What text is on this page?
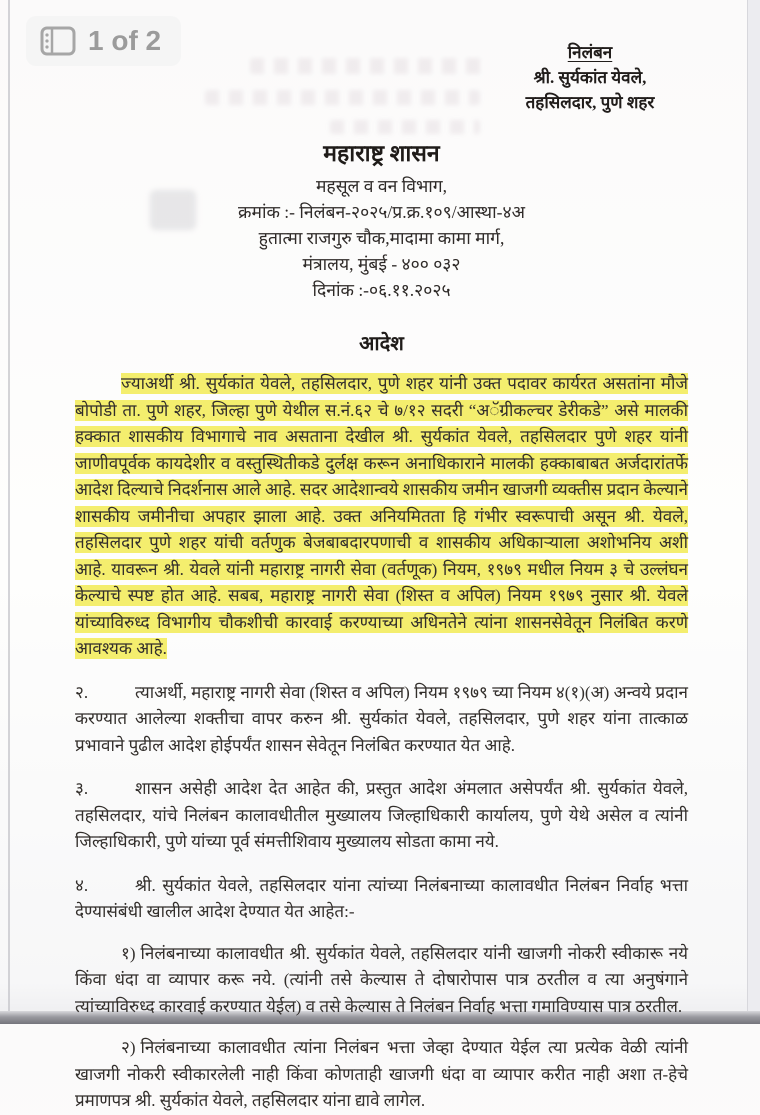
1 of 2	निलंबन
श्री. सुर्यकांत येवले,
तहसिलदार, पुणे शहर
महाराष्ट्र शासन
महसूल व वन विभाग,
क्रमांक :- निलंबन-२०२५/प्र.क्र.१०९/आस्था-४अ
हुतात्मा राजगुरु चौक,मादामा कामा मार्ग,
मंत्रालय, मुंबई - ४०० ०३२
दिनांक :-०६.११.२०२५
आदेश

ज्याअर्थी श्री. सुर्यकांत येवले, तहसिलदार, पुणे शहर यांनी उक्त पदावर कार्यरत असतांना मौजे बोपोडी ता. पुणे शहर, जिल्हा पुणे येथील स.नं.६२ चे ७/१२ सदरी “अॅग्रीकल्चर डेरीकडे” असे मालकी हक्कात शासकीय विभागाचे नाव असताना देखील श्री. सुर्यकांत येवले, तहसिलदार पुणे शहर यांनी जाणीवपूर्वक कायदेशीर व वस्तुस्थितीकडे दुर्लक्ष करून अनाधिकाराने मालकी हक्काबाबत अर्जदारांतर्फे आदेश दिल्याचे निदर्शनास आले आहे. सदर आदेशान्वये शासकीय जमीन खाजगी व्यक्तीस प्रदान केल्याने शासकीय जमीनीचा अपहार झाला आहे. उक्त अनियमितता हि गंभीर स्वरूपाची असून श्री. येवले, तहसिलदार पुणे शहर यांची वर्तणुक बेजबाबदारपणाची व शासकीय अधिकाऱ्याला अशोभनिय अशी आहे. यावरून श्री. येवले यांनी महाराष्ट्र नागरी सेवा (वर्तणूक) नियम, १९७९ मधील नियम ३ चे उल्लंघन केल्याचे स्पष्ट होत आहे. सबब, महाराष्ट्र नागरी सेवा (शिस्त व अपिल) नियम १९७९ नुसार श्री. येवले यांच्याविरुध्द विभागीय चौकशीची कारवाई करण्याच्या अधिनतेने त्यांना शासनसेवेतून निलंबित करणे आवश्यक आहे.

२.	त्याअर्थी, महाराष्ट्र नागरी सेवा (शिस्त व अपिल) नियम १९७९ च्या नियम ४(१)(अ) अन्वये प्रदान करण्यात आलेल्या शक्तीचा वापर करुन श्री. सुर्यकांत येवले, तहसिलदार, पुणे शहर यांना तात्काळ प्रभावाने पुढील आदेश होईपर्यंत शासन सेवेतून निलंबित करण्यात येत आहे.

३.	शासन असेही आदेश देत आहेत की, प्रस्तुत आदेश अंमलात असेपर्यंत श्री. सुर्यकांत येवले, तहसिलदार, यांचे निलंबन कालावधीतील मुख्यालय जिल्हाधिकारी कार्यालय, पुणे येथे असेल व त्यांनी जिल्हाधिकारी, पुणे यांच्या पूर्व संमत्तीशिवाय मुख्यालय सोडता कामा नये.

४.	श्री. सुर्यकांत येवले, तहसिलदार यांना त्यांच्या निलंबनाच्या कालावधीत निलंबन निर्वाह भत्ता देण्यासंबंधी खालील आदेश देण्यात येत आहेत:-

१) निलंबनाच्या कालावधीत श्री. सुर्यकांत येवले, तहसिलदार यांनी खाजगी नोकरी स्वीकारू नये किंवा धंदा वा व्यापार करू नये. (त्यांनी तसे केल्यास ते दोषारोपास पात्र ठरतील व त्या अनुषंगाने त्यांच्याविरुध्द कारवाई करण्यात येईल) व तसे केल्यास ते निलंबन निर्वाह भत्ता गमाविण्यास पात्र ठरतील.

२) निलंबनाच्या कालावधीत त्यांना निलंबन भत्ता जेव्हा देण्यात येईल त्या प्रत्येक वेळी त्यांनी खाजगी नोकरी स्वीकारलेली नाही किंवा कोणताही खाजगी धंदा वा व्यापार करीत नाही अशा त-हेचे प्रमाणपत्र श्री. सुर्यकांत येवले, तहसिलदार यांना द्यावे लागेल.
